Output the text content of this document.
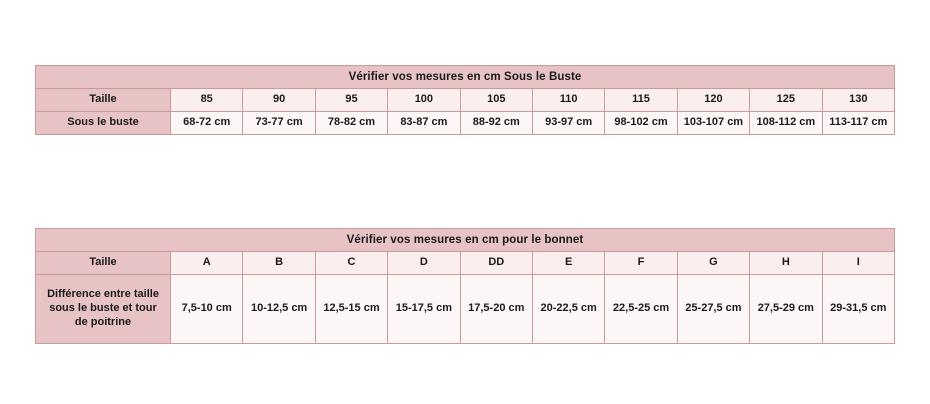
Vérifier vos mesures en cm Sous le Buste										
Taille	85	90	95	100	105	110	115	120	125	130
Sous le buste	68-72 cm	73-77 cm	78-82 cm	83-87 cm	88-92 cm	93-97 cm	98-102 cm	103-107 cm	108-112 cm	113-117 cm
Vérifier vos mesures en cm pour le bonnet										
Taille	A	B	C	D	DD	E	F	G	H	I

Différence entre taille
sous le buste et tour
de poitrine	7,5-10 cm	10-12,5 cm	12,5-15 cm	15-17,5 cm	17,5-20 cm	20-22,5 cm	22,5-25 cm	25-27,5 cm	27,5-29 cm	29-31,5 cm
